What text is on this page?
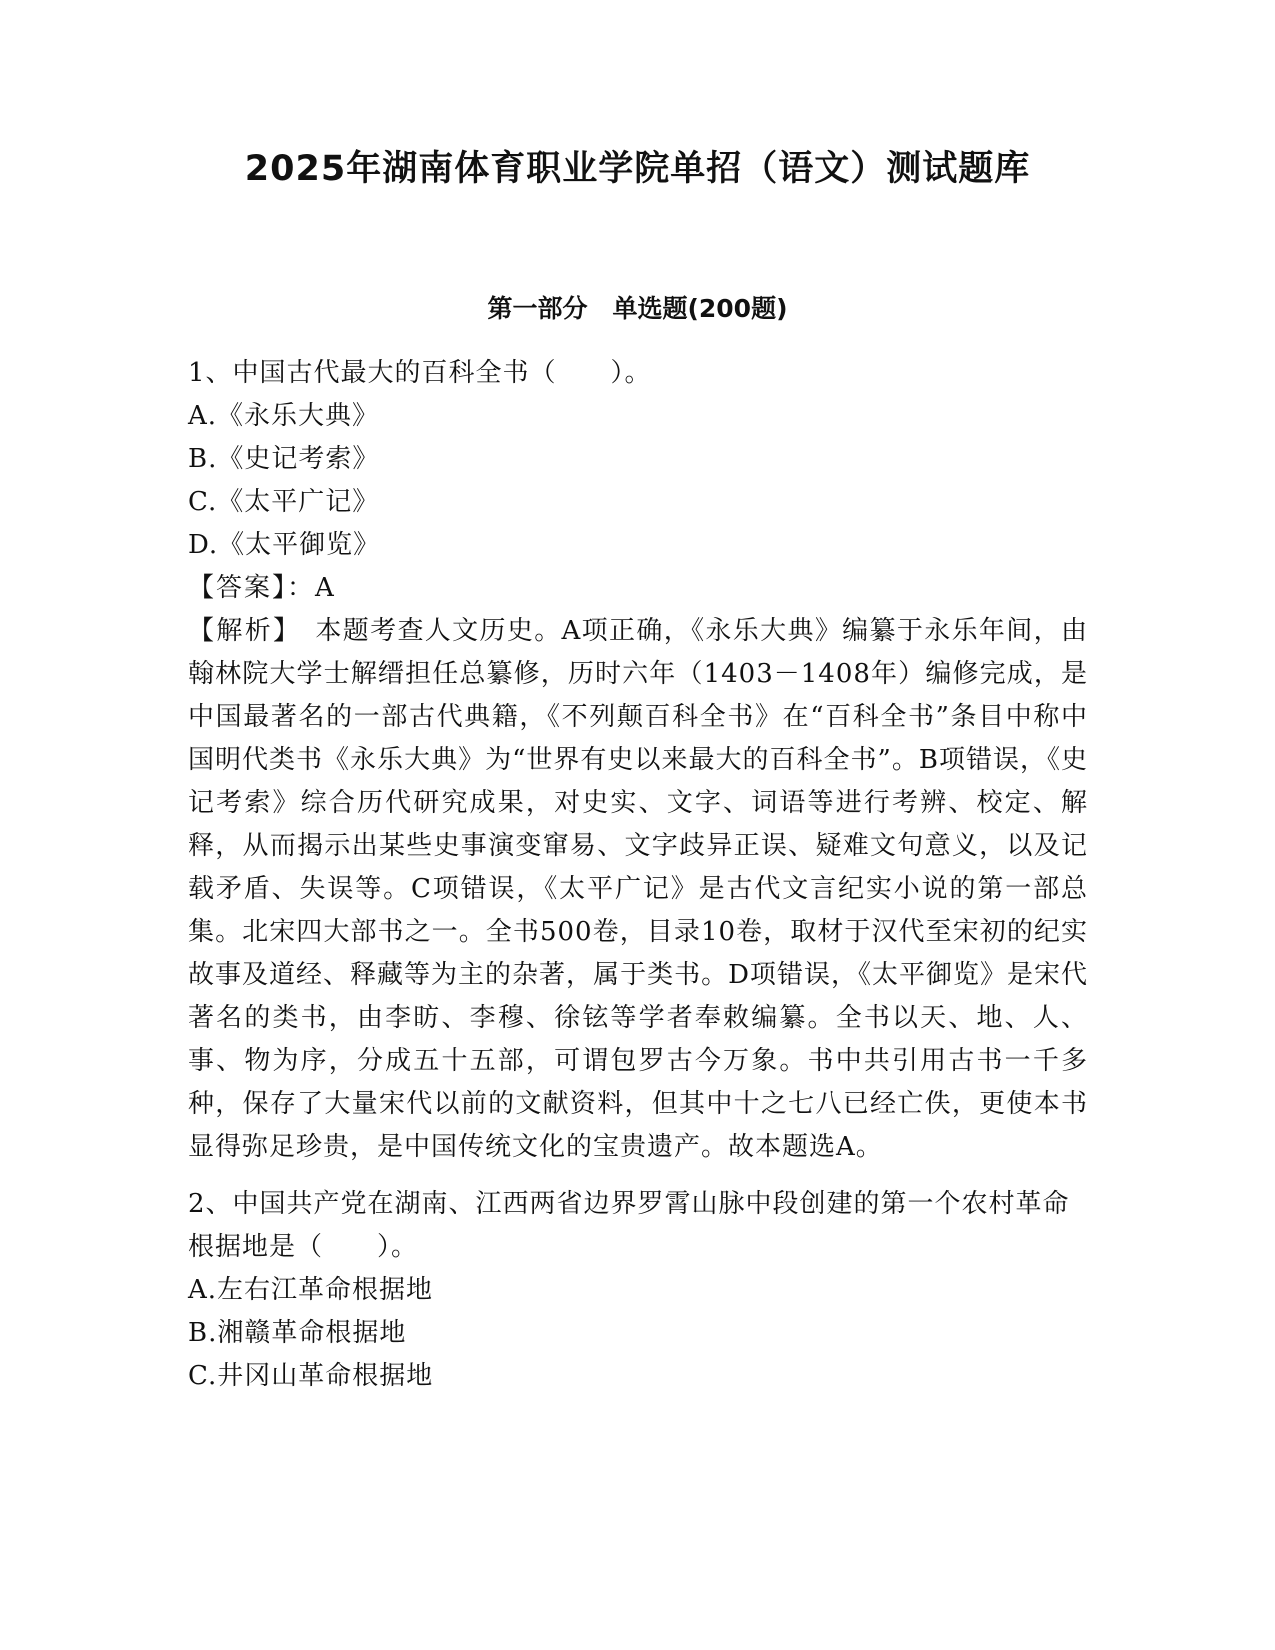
2025年湖南体育职业学院单招（语文）测试题库
第一部分　单选题(200题)

1、中国古代最大的百科全书（　　）。

A.《永乐大典》

B.《史记考索》

C.《太平广记》

D.《太平御览》

【答案】：A

【解析】 本题考查人文历史。A项正确，《永乐大典》编纂于永乐年间，由翰林院大学士解缙担任总纂修，历时六年（1403－1408年）编修完成，是中国最著名的一部古代典籍，《不列颠百科全书》在“百科全书”条目中称中国明代类书《永乐大典》为“世界有史以来最大的百科全书”。B项错误，《史记考索》综合历代研究成果，对史实、文字、词语等进行考辨、校定、解释，从而揭示出某些史事演变窜易、文字歧异正误、疑难文句意义，以及记载矛盾、失误等。C项错误，《太平广记》是古代文言纪实小说的第一部总集。北宋四大部书之一。全书500卷，目录10卷，取材于汉代至宋初的纪实故事及道经、释藏等为主的杂著，属于类书。D项错误，《太平御览》是宋代著名的类书，由李昉、李穆、徐铉等学者奉敕编纂。全书以天、地、人、事、物为序，分成五十五部，可谓包罗古今万象。书中共引用古书一千多种，保存了大量宋代以前的文献资料，但其中十之七八已经亡佚，更使本书显得弥足珍贵，是中国传统文化的宝贵遗产。故本题选A。

2、中国共产党在湖南、江西两省边界罗霄山脉中段创建的第一个农村革命根据地是（　　）。

A.左右江革命根据地

B.湘赣革命根据地

C.井冈山革命根据地
